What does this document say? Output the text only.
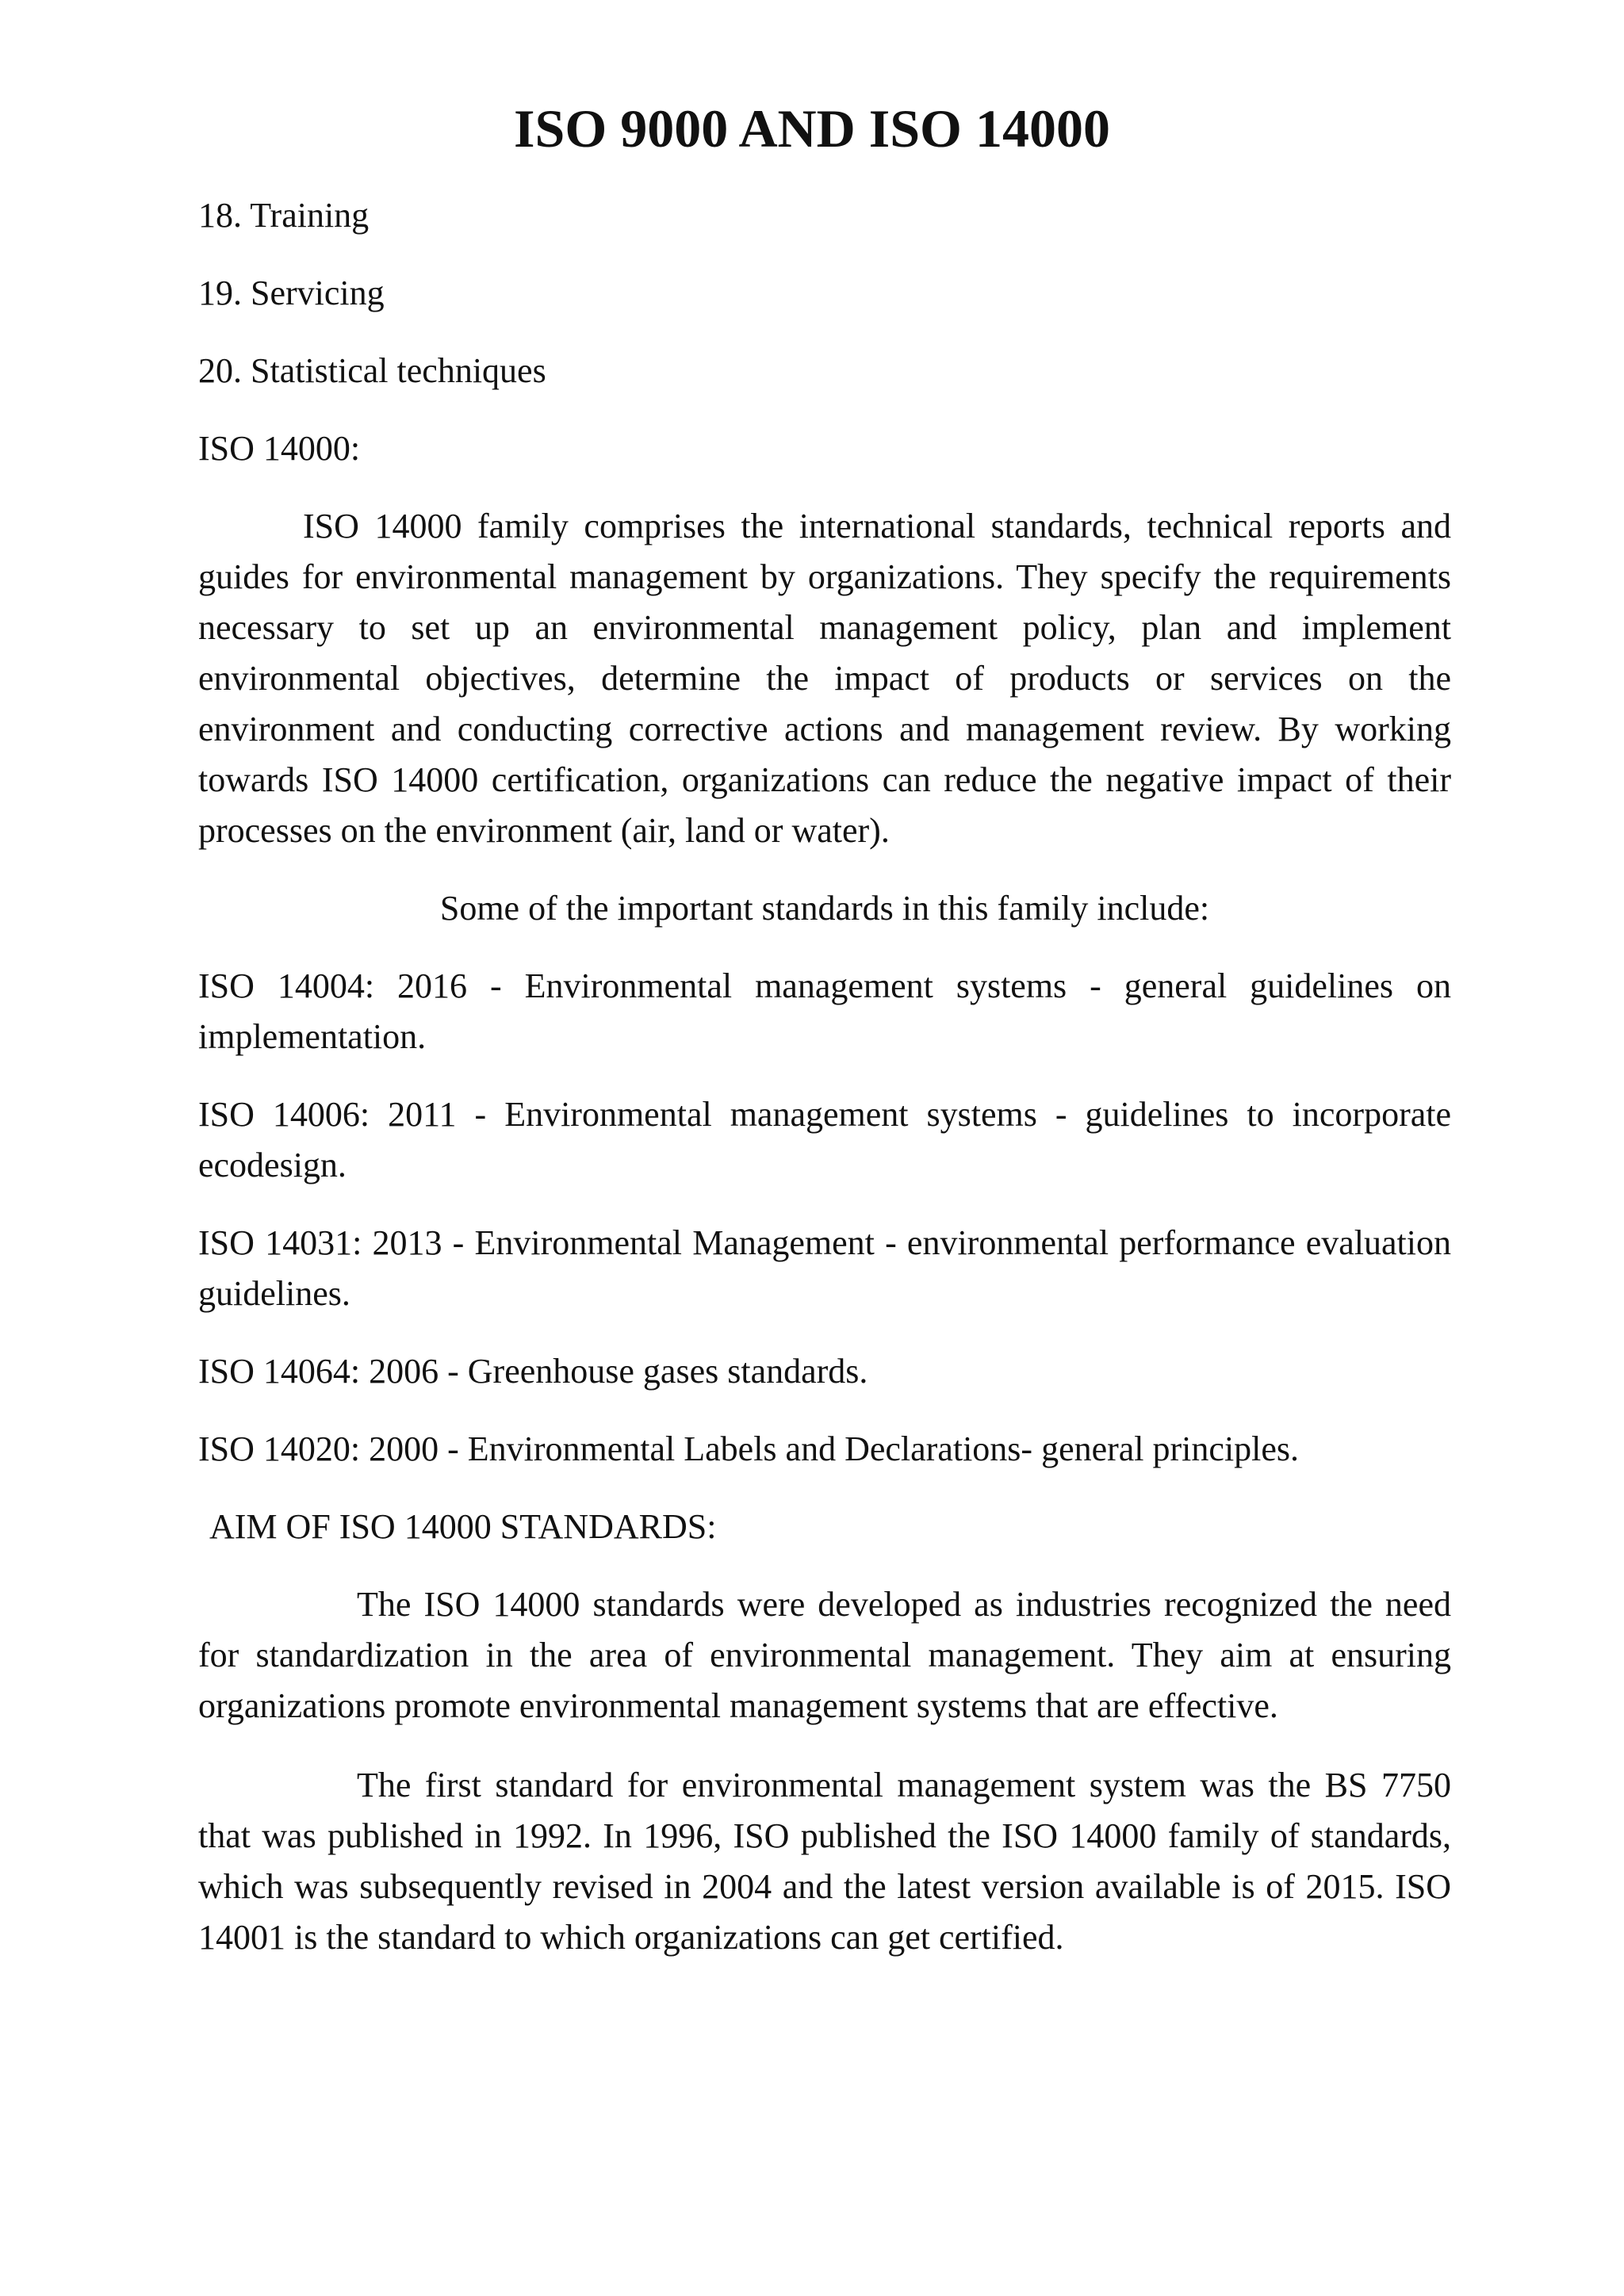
ISO 9000 AND ISO 14000

18. Training

19. Servicing

20. Statistical techniques

ISO 14000:

ISO 14000 family comprises the international standards, technical reports and guides for environmental management by organizations. They specify the requirements necessary to set up an environmental management policy, plan and implement environmental objectives, determine the impact of products or services on the environment and conducting corrective actions and management review. By working towards ISO 14000 certification, organizations can reduce the negative impact of their processes on the environment (air, land or water).

Some of the important standards in this family include:

ISO 14004: 2016 - Environmental management systems - general guidelines on implementation.

ISO 14006: 2011 - Environmental management systems - guidelines to incorporate ecodesign.

ISO 14031: 2013 - Environmental Management - environmental performance evaluation guidelines.

ISO 14064: 2006 - Greenhouse gases standards.

ISO 14020: 2000 - Environmental Labels and Declarations- general principles.

AIM OF ISO 14000 STANDARDS:

The ISO 14000 standards were developed as industries recognized the need for standardization in the area of environmental management. They aim at ensuring organizations promote environmental management systems that are effective.

The first standard for environmental management system was the BS 7750 that was published in 1992. In 1996, ISO published the ISO 14000 family of standards, which was subsequently revised in 2004 and the latest version available is of 2015. ISO 14001 is the standard to which organizations can get certified.
